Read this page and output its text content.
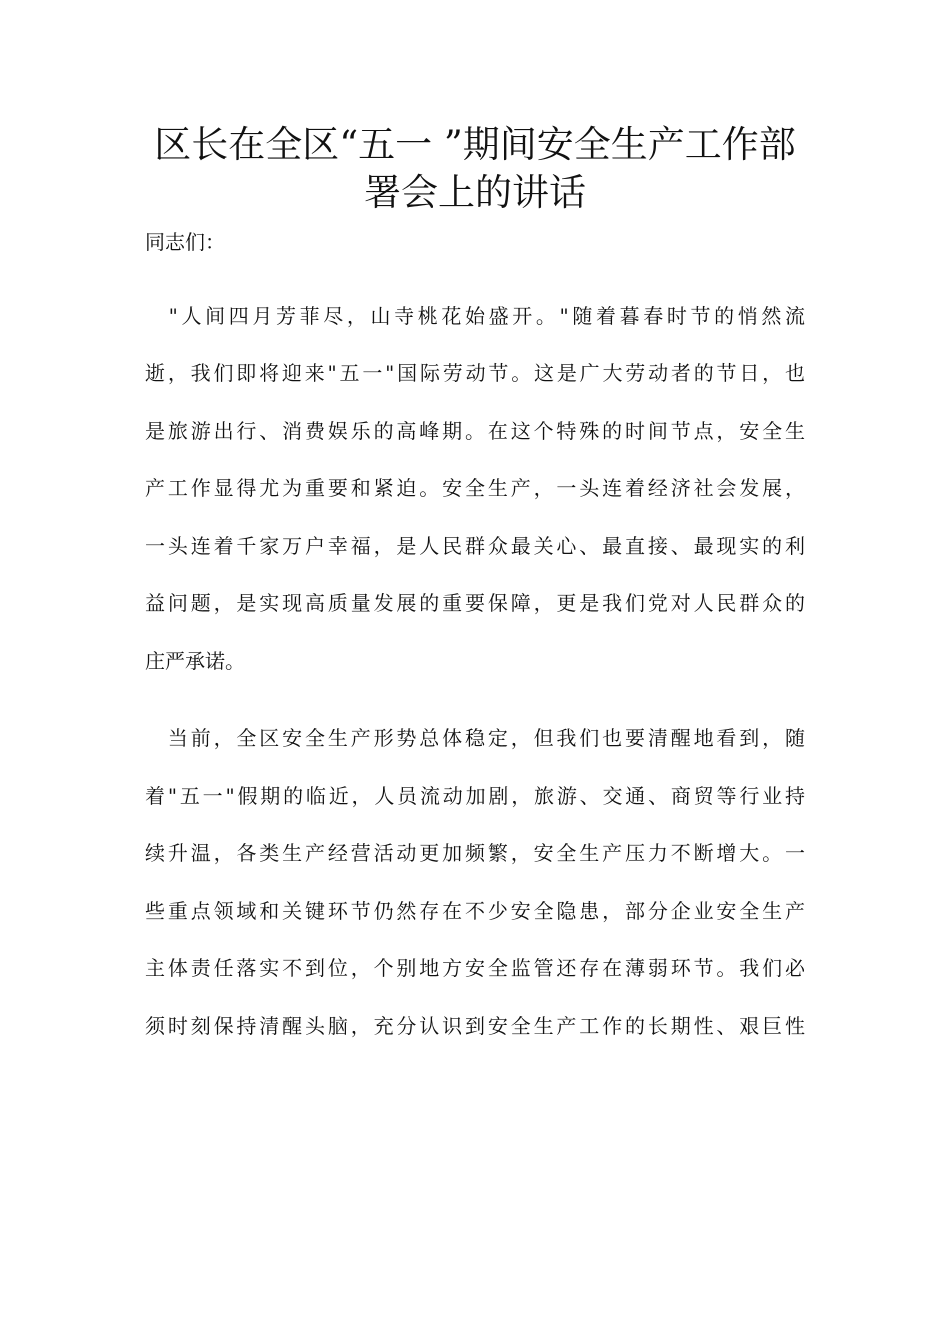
区长在全区“五一 ”期间安全生产工作部
署会上的讲话
同志们：
　"人间四月芳菲尽，山寺桃花始盛开。"随着暮春时节的悄然流
逝，我们即将迎来"五一"国际劳动节。这是广大劳动者的节日，也
是旅游出行、消费娱乐的高峰期。在这个特殊的时间节点，安全生
产工作显得尤为重要和紧迫。安全生产，一头连着经济社会发展，
一头连着千家万户幸福，是人民群众最关心、最直接、最现实的利
益问题，是实现高质量发展的重要保障，更是我们党对人民群众的
庄严承诺。
　当前，全区安全生产形势总体稳定，但我们也要清醒地看到，随
着"五一"假期的临近，人员流动加剧，旅游、交通、商贸等行业持
续升温，各类生产经营活动更加频繁，安全生产压力不断增大。一
些重点领域和关键环节仍然存在不少安全隐患，部分企业安全生产
主体责任落实不到位，个别地方安全监管还存在薄弱环节。我们必
须时刻保持清醒头脑，充分认识到安全生产工作的长期性、艰巨性
